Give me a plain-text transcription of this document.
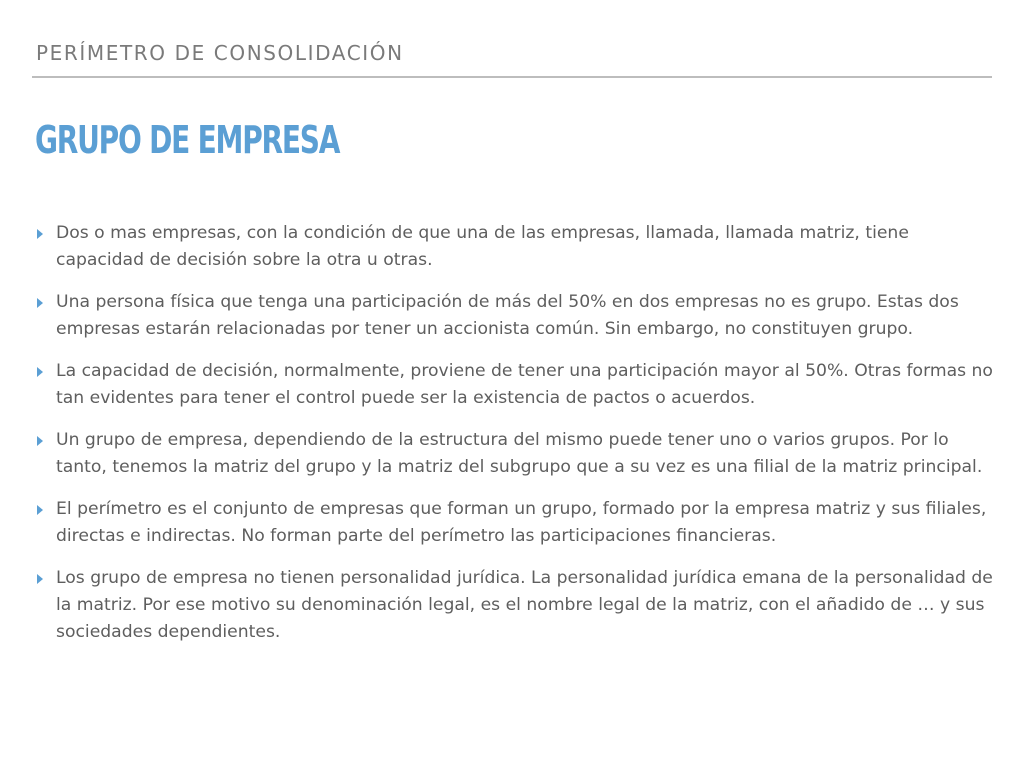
PERÍMETRO DE CONSOLIDACIÓN
GRUPO DE EMPRESA
Dos o mas empresas, con la condición de que una de las empresas, llamada, llamada matriz, tiene capacidad de decisión sobre la otra u otras.
Una persona física que tenga una participación de más del 50% en dos empresas no es grupo. Estas dos empresas estarán relacionadas por tener un accionista común. Sin embargo, no constituyen grupo.
La capacidad de decisión, normalmente, proviene de tener una participación mayor al 50%. Otras formas no tan evidentes para tener el control puede ser la existencia de pactos o acuerdos.
Un grupo de empresa, dependiendo de la estructura del mismo puede tener uno o varios grupos. Por lo tanto, tenemos la matriz del grupo y la matriz del subgrupo que a su vez es una filial de la matriz principal.
El perímetro es el conjunto de empresas que forman un grupo, formado por la empresa matriz y sus filiales, directas e indirectas. No forman parte del perímetro las participaciones financieras.
Los grupo de empresa no tienen personalidad jurídica. La personalidad jurídica emana de la personalidad de la matriz. Por ese motivo su denominación legal, es el nombre legal de la matriz, con el añadido de … y sus sociedades dependientes.
